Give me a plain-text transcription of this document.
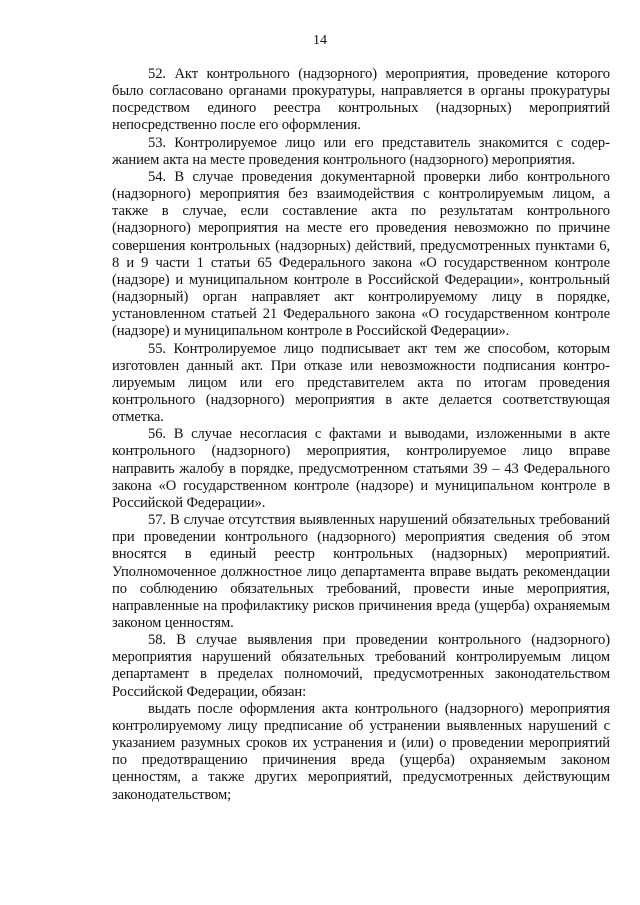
14

52. Акт контрольного (надзорного) мероприятия, проведение которого было согласовано органами прокуратуры, направляется в органы прокуратуры посредством единого реестра контрольных (надзорных) мероприятий непосредственно после его оформления.

53. Контролируемое лицо или его представитель знакомится с содержанием акта на месте проведения контрольного (надзорного) мероприятия.

54. В случае проведения документарной проверки либо контрольного (надзорного) мероприятия без взаимодействия с контролируемым лицом, а также в случае, если составление акта по результатам контрольного (надзорного) мероприятия на месте его проведения невозможно по причине совершения контрольных (надзорных) действий, предусмотренных пунктами 6, 8 и 9 части 1 статьи 65 Федерального закона «О государственном контроле (надзоре) и муниципальном контроле в Российской Федерации», контрольный (надзорный) орган направляет акт контролируемому лицу в порядке, установленном статьей 21 Федерального закона «О государственном контроле (надзоре) и муниципальном контроле в Российской Федерации».

55. Контролируемое лицо подписывает акт тем же способом, которым изготовлен данный акт. При отказе или невозможности подписания контролируемым лицом или его представителем акта по итогам проведения контрольного (надзорного) мероприятия в акте делается соответствующая отметка.

56. В случае несогласия с фактами и выводами, изложенными в акте контрольного (надзорного) мероприятия, контролируемое лицо вправе направить жалобу в порядке, предусмотренном статьями 39 – 43 Федерального закона «О государственном контроле (надзоре) и муниципальном контроле в Российской Федерации».

57. В случае отсутствия выявленных нарушений обязательных требований при проведении контрольного (надзорного) мероприятия сведения об этом вносятся в единый реестр контрольных (надзорных) мероприятий. Уполномоченное должностное лицо департамента вправе выдать рекомендации по соблюдению обязательных требований, провести иные мероприятия, направленные на профилактику рисков причинения вреда (ущерба) охраняемым законом ценностям.

58. В случае выявления при проведении контрольного (надзорного) мероприятия нарушений обязательных требований контролируемым лицом департамент в пределах полномочий, предусмотренных законодательством Российской Федерации, обязан:

выдать после оформления акта контрольного (надзорного) мероприятия контролируемому лицу предписание об устранении выявленных нарушений с указанием разумных сроков их устранения и (или) о проведении мероприятий по предотвращению причинения вреда (ущерба) охраняемым законом ценностям, а также других мероприятий, предусмотренных действующим законодательством;
